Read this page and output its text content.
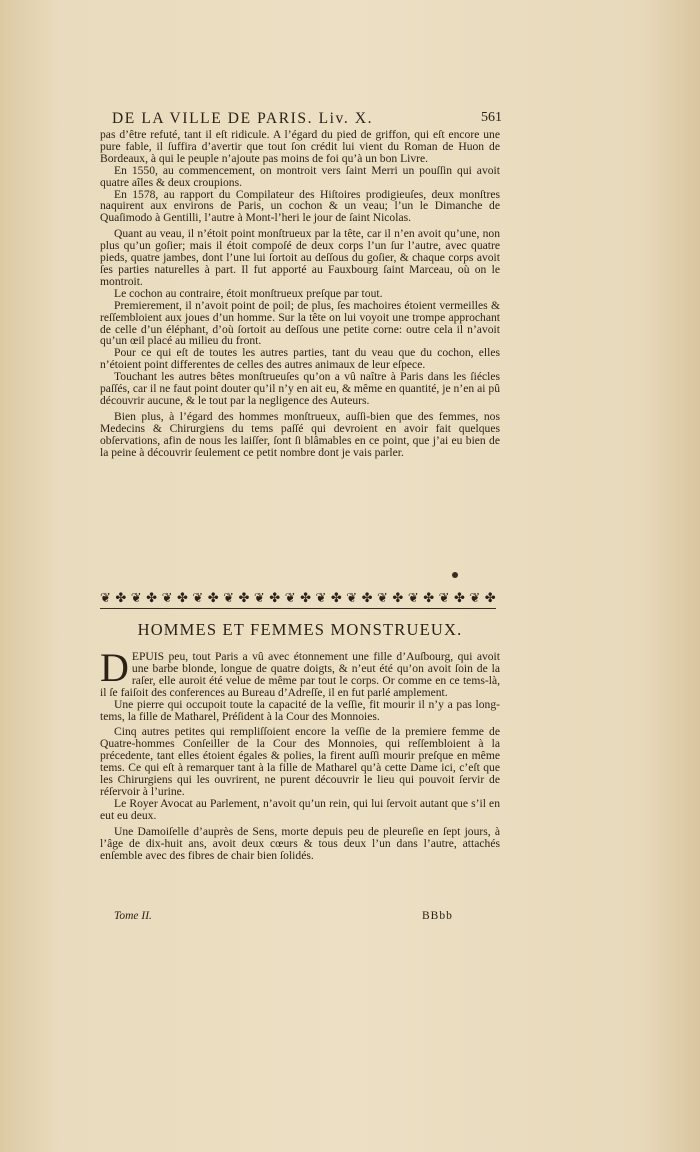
DE LA VILLE DE PARIS. Liv. X.	561

pas d’être refuté, tant il eſt ridicule. A l’égard du pied de griffon, qui eſt encore une pure fable, il ſuffira d’avertir que tout ſon crédit lui vient du Roman de Huon de Bordeaux, à qui le peuple n’ajoute pas moins de foi qu’à un bon Livre.

En 1550, au commencement, on montroit vers ſaint Merri un pouſſin qui avoit quatre aîles & deux croupions.

En 1578, au rapport du Compilateur des Hiſtoires prodigieuſes, deux monſtres naquirent aux environs de Paris, un cochon & un veau; l’un le Dimanche de Quaſimodo à Gentilli, l’autre à Mont-l’heri le jour de ſaint Nicolas.

Quant au veau, il n’étoit point monſtrueux par la tête, car il n’en avoit qu’une, non plus qu’un goſier; mais il étoit compoſé de deux corps l’un ſur l’autre, avec quatre pieds, quatre jambes, dont l’une lui ſortoit au deſſous du goſier, & chaque corps avoit ſes parties naturelles à part. Il fut apporté au Fauxbourg ſaint Marceau, où on le montroit.

Le cochon au contraire, étoit monſtrueux preſque par tout.

Premierement, il n’avoit point de poil; de plus, ſes machoires étoient vermeilles & reſſembloient aux joues d’un homme. Sur la tête on lui voyoit une trompe approchant de celle d’un éléphant, d’où ſortoit au deſſous une petite corne: outre cela il n’avoit qu’un œil placé au milieu du front.

Pour ce qui eſt de toutes les autres parties, tant du veau que du cochon, elles n’étoient point differentes de celles des autres animaux de leur eſpece.

Touchant les autres bêtes monſtrueuſes qu’on a vû naître à Paris dans les ſiécles paſſés, car il ne faut point douter qu’il n’y en ait eu, & même en quantité, je n’en ai pû découvrir aucune, & le tout par la negligence des Auteurs.

Bien plus, à l’égard des hommes monſtrueux, auſſi-bien que des femmes, nos Medecins & Chirurgiens du tems paſſé qui devroient en avoir fait quelques obſervations, afin de nous les laiſſer, ſont ſi blâmables en ce point, que j’ai eu bien de la peine à découvrir ſeulement ce petit nombre dont je vais parler.

❦ ✤ ❦ ✤ ❦ ✤ ❦ ✤ ❦ ✤ ❦ ✤ ❦ ✤ ❦ ✤ ❦ ✤ ❦ ✤ ❦ ✤ ❦ ✤ ❦ ✤
HOMMES ET FEMMES MONSTRUEUX.

DEPUIS peu, tout Paris a vû avec étonnement une fille d’Auſbourg, qui avoit une barbe blonde, longue de quatre doigts, & n’eut été qu’on avoit ſoin de la raſer, elle auroit été velue de même par tout le corps. Or comme en ce tems-là, il ſe faiſoit des conferences au Bureau d’Adreſſe, il en fut parlé amplement.

Une pierre qui occupoit toute la capacité de la veſſie, fit mourir il n’y a pas long-tems, la fille de Matharel, Préſident à la Cour des Monnoies.

Cinq autres petites qui rempliſſoient encore la veſſie de la premiere femme de Quatre-hommes Conſeiller de la Cour des Monnoies, qui reſſembloient à la précedente, tant elles étoient égales & polies, la firent auſſi mourir preſque en même tems. Ce qui eſt à remarquer tant à la fille de Matharel qu’à cette Dame ici, c’eſt que les Chirurgiens qui les ouvrirent, ne purent découvrir le lieu qui pouvoit ſervir de réſervoir à l’urine.

Le Royer Avocat au Parlement, n’avoit qu’un rein, qui lui ſervoit autant que s’il en eut eu deux.

Une Damoiſelle d’auprès de Sens, morte depuis peu de pleureſie en ſept jours, à l’âge de dix-huit ans, avoit deux cœurs & tous deux l’un dans l’autre, attachés enſemble avec des fibres de chair bien ſolidés.

Tome II.	BBbb
